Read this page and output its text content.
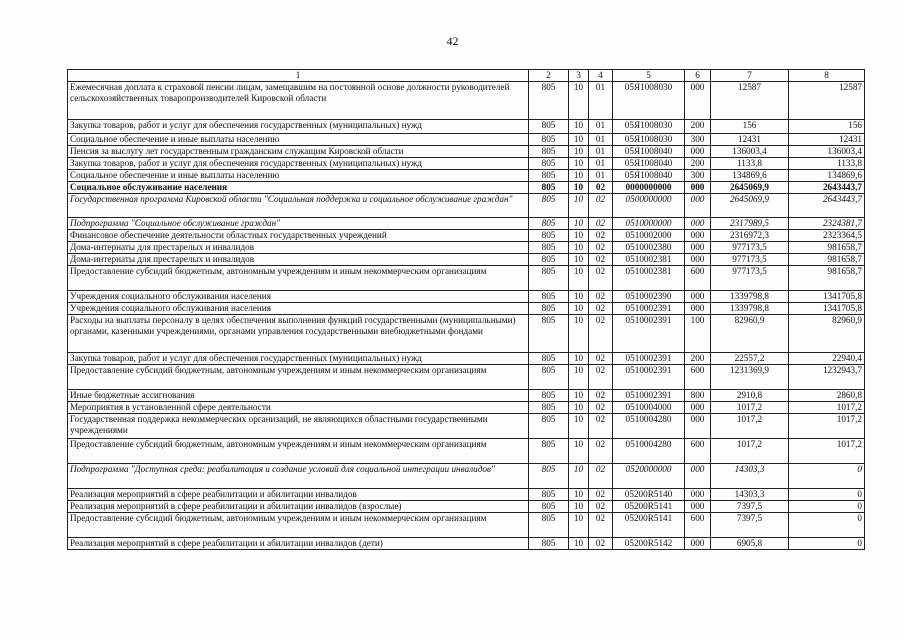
42
1	2	3	4	5	6	7	8
Ежемесячная доплата к страховой пенсии лицам, замещавшим на постоянной основе должности руководителей сельскохозяйственных товаропроизводителей Кировской области	805	10	01	05Я1008030	000	12587	12587
Закупка товаров, работ и услуг для обеспечения государственных (муниципальных) нужд	805	10	01	05Я1008030	200	156	156
Социальное обеспечение и иные выплаты населению	805	10	01	05Я1008030	300	12431	12431
Пенсия за выслугу лет государственным гражданским служащим Кировской области	805	10	01	05Я1008040	000	136003,4	136003,4
Закупка товаров, работ и услуг для обеспечения государственных (муниципальных) нужд	805	10	01	05Я1008040	200	1133,8	1133,8
Социальное обеспечение и иные выплаты населению	805	10	01	05Я1008040	300	134869,6	134869,6
Социальное обслуживание населения	805	10	02	0000000000	000	2645069,9	2643443,7
Государственная программа Кировской области "Социальная поддержка и социальное обслуживание граждан"	805	10	02	0500000000	000	2645069,9	2643443,7
Подпрограмма "Социальное обслуживание граждан"	805	10	02	0510000000	000	2317989,5	2324381,7
Финансовое обеспечение деятельности областных государственных учреждений	805	10	02	0510002000	000	2316972,3	2323364,5
Дома-интернаты для престарелых и инвалидов	805	10	02	0510002380	000	977173,5	981658,7
Дома-интернаты для престарелых и инвалидов	805	10	02	0510002381	000	977173,5	981658,7
Предоставление субсидий бюджетным, автономным учреждениям и иным некоммерческим организациям	805	10	02	0510002381	600	977173,5	981658,7
Учреждения социального обслуживания населения	805	10	02	0510002390	000	1339798,8	1341705,8
Учреждения социального обслуживания населения	805	10	02	0510002391	000	1339798,8	1341705,8
Расходы на выплаты персоналу в целях обеспечения выполнения функций государственными (муниципальными) органами, казенными учреждениями, органами управления государственными внебюджетными фондами	805	10	02	0510002391	100	82960,9	82960,9
Закупка товаров, работ и услуг для обеспечения государственных (муниципальных) нужд	805	10	02	0510002391	200	22557,2	22940,4
Предоставление субсидий бюджетным, автономным учреждениям и иным некоммерческим организациям	805	10	02	0510002391	600	1231369,9	1232943,7
Иные бюджетные ассигнования	805	10	02	0510002391	800	2910,8	2860,8
Мероприятия в установленной сфере деятельности	805	10	02	0510004000	000	1017,2	1017,2
Государственная поддержка некоммерческих организаций, не являющихся областными государственными учреждениями	805	10	02	0510004280	000	1017,2	1017,2
Предоставление субсидий бюджетным, автономным учреждениям и иным некоммерческим организациям	805	10	02	0510004280	600	1017,2	1017,2
Подпрограмма "Доступная среда: реабилитация и создание условий для социальной интеграции инвалидов"	805	10	02	0520000000	000	14303,3	0
Реализация мероприятий в сфере реабилитации и абилитации инвалидов	805	10	02	05200R5140	000	14303,3	0
Реализация мероприятий в сфере реабилитации и абилитации инвалидов (взрослые)	805	10	02	05200R5141	000	7397,5	0
Предоставление субсидий бюджетным, автономным учреждениям и иным некоммерческим организациям	805	10	02	05200R5141	600	7397,5	0
Реализация мероприятий в сфере реабилитации и абилитации инвалидов (дети)	805	10	02	05200R5142	000	6905,8	0
